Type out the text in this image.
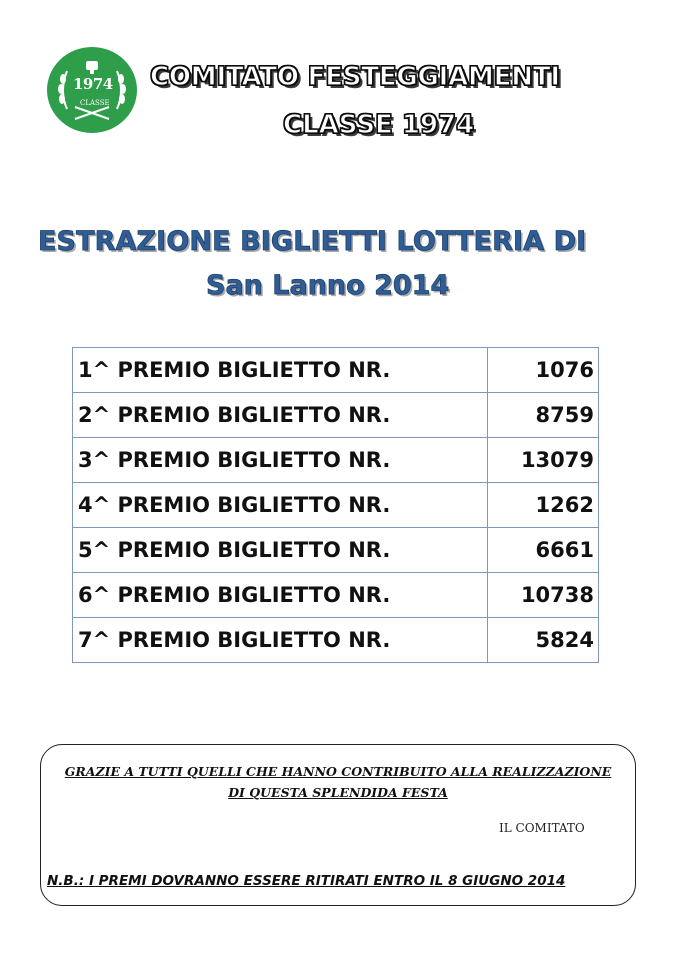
1974
CLASSE
COMITATO FESTEGGIAMENTI
CLASSE 1974
ESTRAZIONE BIGLIETTI LOTTERIA DI
San Lanno 2014
1^ PREMIO BIGLIETTO NR.	1076
2^ PREMIO BIGLIETTO NR.	8759
3^ PREMIO BIGLIETTO NR.	13079
4^ PREMIO BIGLIETTO NR.	1262
5^ PREMIO BIGLIETTO NR.	6661
6^ PREMIO BIGLIETTO NR.	10738
7^ PREMIO BIGLIETTO NR.	5824
GRAZIE A TUTTI QUELLI CHE HANNO CONTRIBUITO ALLA REALIZZAZIONE
DI QUESTA SPLENDIDA FESTA
IL COMITATO
N.B.: I PREMI DOVRANNO ESSERE RITIRATI ENTRO IL 8 GIUGNO 2014
